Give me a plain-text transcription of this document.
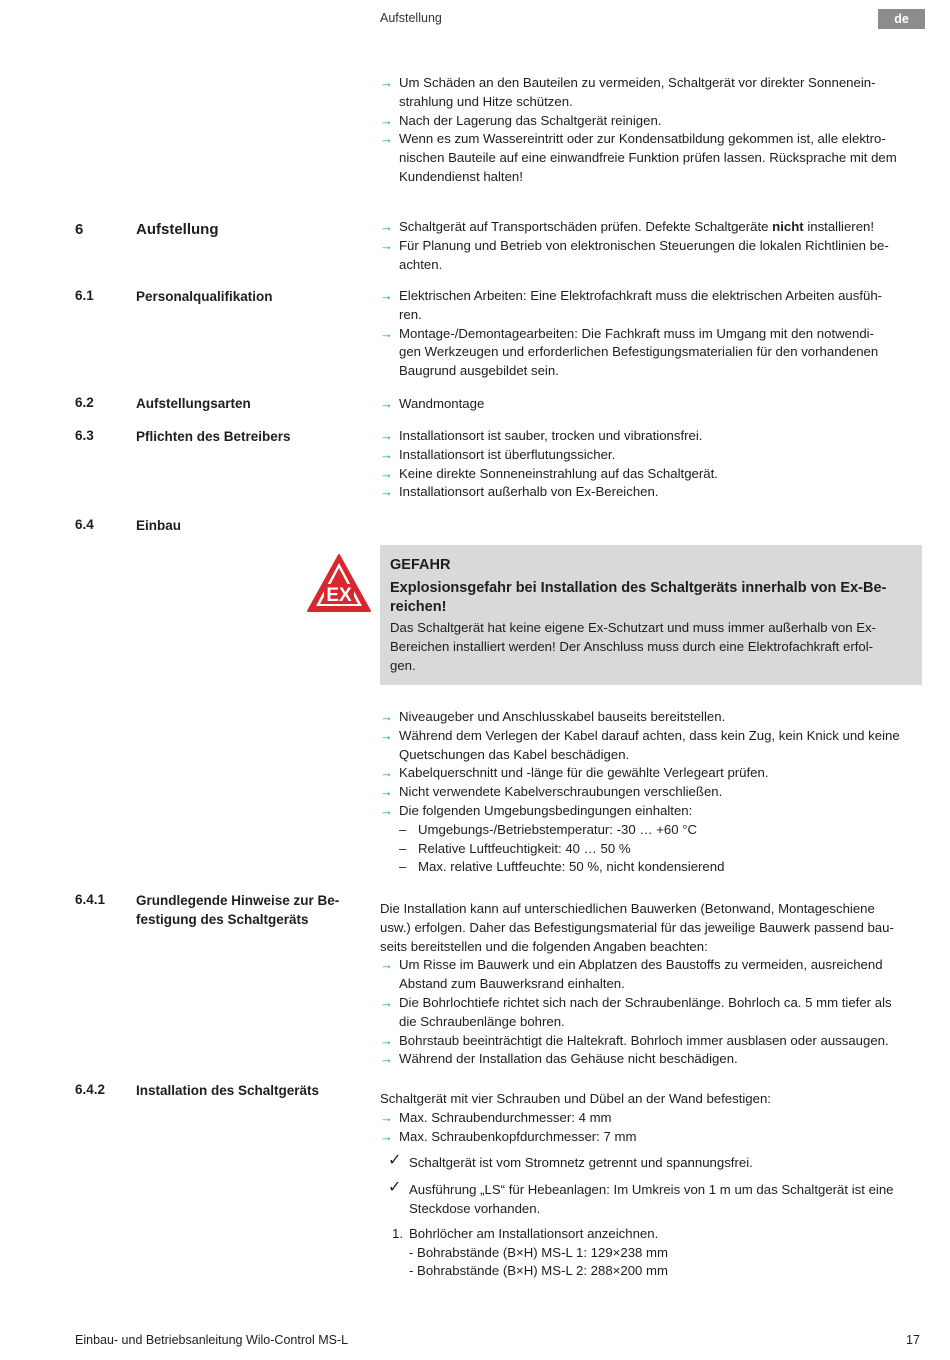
Aufstellung	de
→ Um Schäden an den Bauteilen zu vermeiden, Schaltgerät vor direkter Sonnenein-
strahlung und Hitze schützen.
→ Nach der Lagerung das Schaltgerät reinigen.
→ Wenn es zum Wassereintritt oder zur Kondensatbildung gekommen ist, alle elektro-
nischen Bauteile auf eine einwandfreie Funktion prüfen lassen. Rücksprache mit dem
Kundendienst halten!
6	Aufstellung	→ Schaltgerät auf Transportschäden prüfen. Defekte Schaltgeräte nicht installieren!
→ Für Planung und Betrieb von elektronischen Steuerungen die lokalen Richtlinien be-
achten.
6.1	Personalqualifikation	→ Elektrischen Arbeiten: Eine Elektrofachkraft muss die elektrischen Arbeiten ausfüh-
ren.
→ Montage-/Demontagearbeiten: Die Fachkraft muss im Umgang mit den notwendi-
gen Werkzeugen und erforderlichen Befestigungsmaterialien für den vorhandenen
Baugrund ausgebildet sein.
6.2	Aufstellungsarten	→ Wandmontage
6.3	Pflichten des Betreibers	→ Installationsort ist sauber, trocken und vibrationsfrei.
→ Installationsort ist überflutungssicher.
→ Keine direkte Sonneneinstrahlung auf das Schaltgerät.
→ Installationsort außerhalb von Ex-Bereichen.
6.4	Einbau
EX
GEFAHR
Explosionsgefahr bei Installation des Schaltgeräts innerhalb von Ex-Be-
reichen!
Das Schaltgerät hat keine eigene Ex-Schutzart und muss immer außerhalb von Ex-
Bereichen installiert werden! Der Anschluss muss durch eine Elektrofachkraft erfol-
gen.
→ Niveaugeber und Anschlusskabel bauseits bereitstellen.
→ Während dem Verlegen der Kabel darauf achten, dass kein Zug, kein Knick und keine
Quetschungen das Kabel beschädigen.
→ Kabelquerschnitt und -länge für die gewählte Verlegeart prüfen.
→ Nicht verwendete Kabelverschraubungen verschließen.
→ Die folgenden Umgebungsbedingungen einhalten:
– Umgebungs-/Betriebstemperatur: -30 … +60 °C
– Relative Luftfeuchtigkeit: 40 … 50 %
– Max. relative Luftfeuchte: 50 %, nicht kondensierend
6.4.1 Grundlegende Hinweise zur Be-
festigung des Schaltgeräts
Die Installation kann auf unterschiedlichen Bauwerken (Betonwand, Montageschiene
usw.) erfolgen. Daher das Befestigungsmaterial für das jeweilige Bauwerk passend bau-
seits bereitstellen und die folgenden Angaben beachten:
→ Um Risse im Bauwerk und ein Abplatzen des Baustoffs zu vermeiden, ausreichend
Abstand zum Bauwerksrand einhalten.
→ Die Bohrlochtiefe richtet sich nach der Schraubenlänge. Bohrloch ca. 5 mm tiefer als
die Schraubenlänge bohren.
→ Bohrstaub beeinträchtigt die Haltekraft. Bohrloch immer ausblasen oder aussaugen.
→ Während der Installation das Gehäuse nicht beschädigen.
6.4.2 Installation des Schaltgeräts
Schaltgerät mit vier Schrauben und Dübel an der Wand befestigen:
→ Max. Schraubendurchmesser: 4 mm
→ Max. Schraubenkopfdurchmesser: 7 mm
✓ Schaltgerät ist vom Stromnetz getrennt und spannungsfrei.
✓ Ausführung „LS“ für Hebeanlagen: Im Umkreis von 1 m um das Schaltgerät ist eine
Steckdose vorhanden.
1. Bohrlöcher am Installationsort anzeichnen.
- Bohrabstände (B×H) MS-L 1: 129×238 mm
- Bohrabstände (B×H) MS-L 2: 288×200 mm
Einbau- und Betriebsanleitung Wilo-Control MS-L	17
